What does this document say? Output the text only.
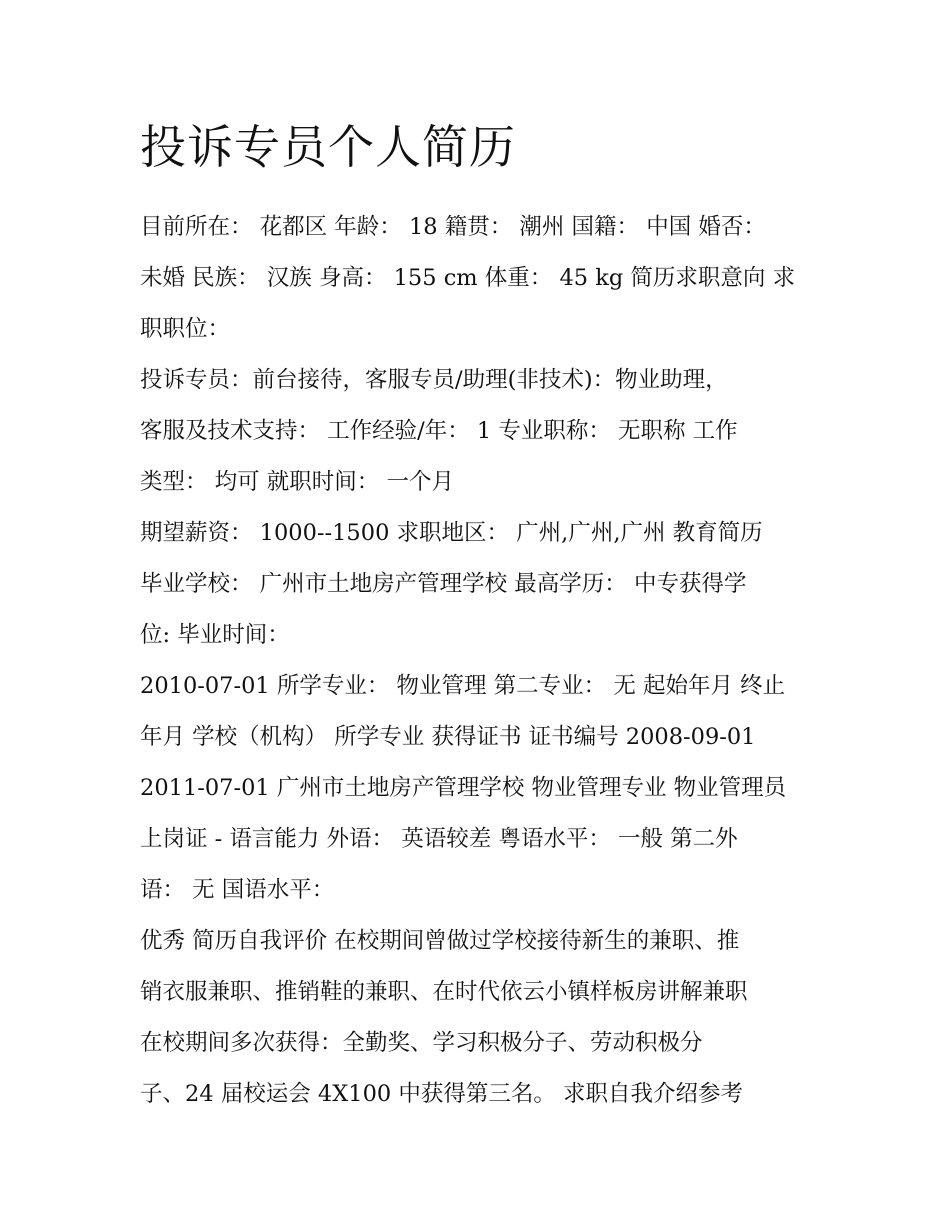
投诉专员个人简历

目前所在： 花都区 年龄： 18 籍贯： 潮州 国籍： 中国 婚否：

未婚 民族： 汉族 身高： 155 cm 体重： 45 kg 简历求职意向 求

职职位：

投诉专员：前台接待，客服专员/助理(非技术)：物业助理，

客服及技术支持： 工作经验/年： 1 专业职称： 无职称 工作

类型： 均可 就职时间： 一个月

期望薪资： 1000--1500 求职地区： 广州,广州,广州 教育简历

毕业学校： 广州市土地房产管理学校 最高学历： 中专获得学

位: 毕业时间：

2010-07-01 所学专业： 物业管理 第二专业： 无 起始年月 终止

年月 学校（机构） 所学专业 获得证书 证书编号 2008-09-01

2011-07-01 广州市土地房产管理学校 物业管理专业 物业管理员

上岗证 - 语言能力 外语： 英语较差 粤语水平： 一般 第二外

语： 无 国语水平：

优秀 简历自我评价 在校期间曾做过学校接待新生的兼职、推

销衣服兼职、推销鞋的兼职、在时代依云小镇样板房讲解兼职

在校期间多次获得：全勤奖、学习积极分子、劳动积极分

子、24 届校运会 4X100 中获得第三名。 求职自我介绍参考
